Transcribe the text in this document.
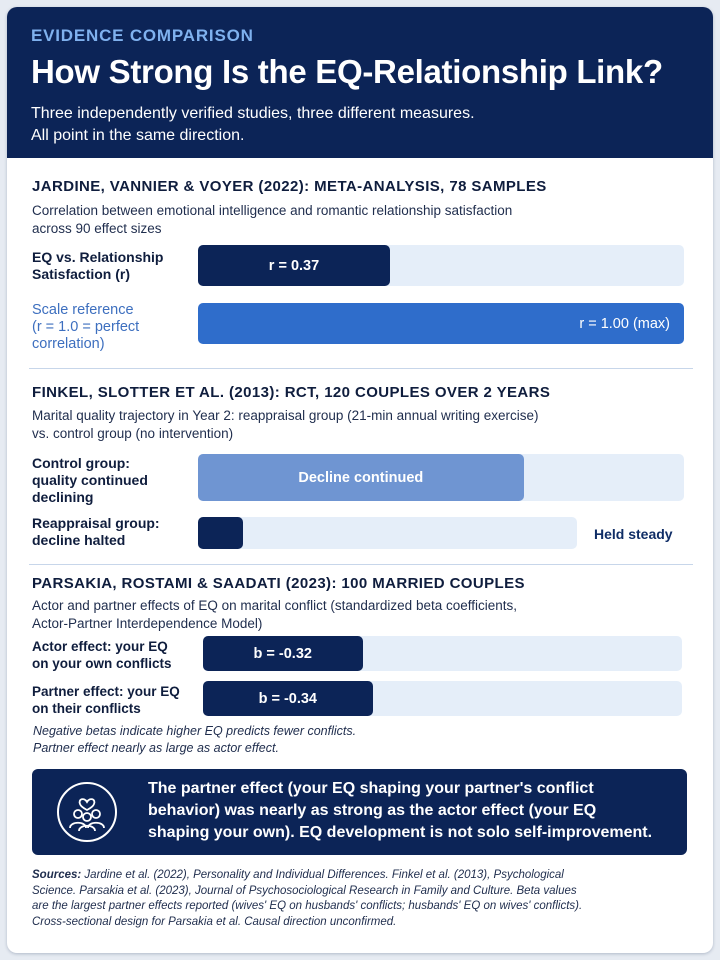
EVIDENCE COMPARISON
How Strong Is the EQ-Relationship Link?
Three independently verified studies, three different measures.
All point in the same direction.
JARDINE, VANNIER & VOYER (2022): META-ANALYSIS, 78 SAMPLES
Correlation between emotional intelligence and romantic relationship satisfaction
across 90 effect sizes
EQ vs. Relationship
Satisfaction (r)
r = 0.37
Scale reference
(r = 1.0 = perfect
correlation)
r = 1.00 (max)
FINKEL, SLOTTER ET AL. (2013): RCT, 120 COUPLES OVER 2 YEARS
Marital quality trajectory in Year 2: reappraisal group (21-min annual writing exercise)
vs. control group (no intervention)
Control group:
quality continued
declining
Decline continued
Reappraisal group:
decline halted	Held steady
PARSAKIA, ROSTAMI & SAADATI (2023): 100 MARRIED COUPLES
Actor and partner effects of EQ on marital conflict (standardized beta coefficients,
Actor-Partner Interdependence Model)
Actor effect: your EQ
on your own conflicts
b = -0.32
Partner effect: your EQ
on their conflicts
b = -0.34
Negative betas indicate higher EQ predicts fewer conflicts.
Partner effect nearly as large as actor effect.
The partner effect (your EQ shaping your partner's conflict
behavior) was nearly as strong as the actor effect (your EQ
shaping your own). EQ development is not solo self-improvement.
Sources: Jardine et al. (2022), Personality and Individual Differences. Finkel et al. (2013), Psychological Science. Parsakia et al. (2023), Journal of Psychosociological Research in Family and Culture. Beta values are the largest partner effects reported (wives' EQ on husbands' conflicts; husbands' EQ on wives' conflicts). Cross-sectional design for Parsakia et al. Causal direction unconfirmed.
